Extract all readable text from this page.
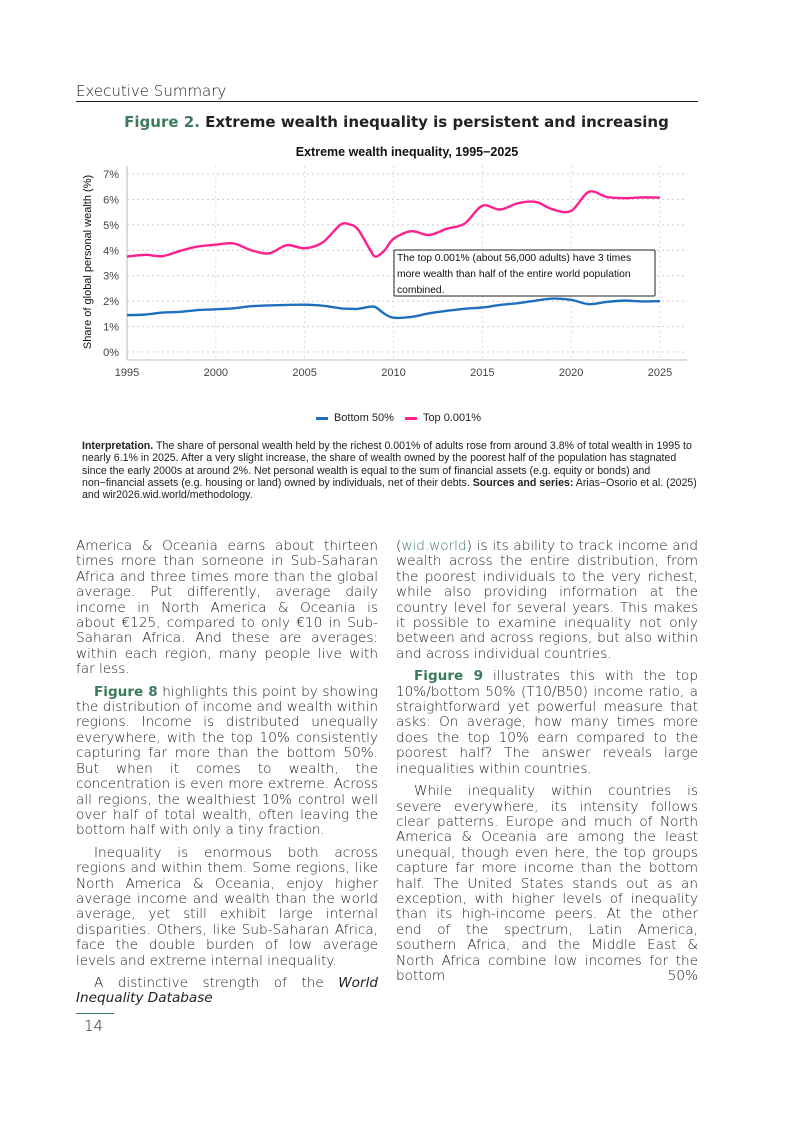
Executive Summary
Figure 2. Extreme wealth inequality is persistent and increasing
Extreme wealth inequality, 1995−2025
Share of global personal wealth (%)
0%
1%
2%
3%
4%
5%
6%
7%
1995	2000	2005	2010	2015	2020	2025
The top 0.001% (about 56,000 adults) have 3 times more wealth than half of the entire world population combined.
Bottom 50%	Top 0.001%
Interpretation. The share of personal wealth held by the richest 0.001% of adults rose from around 3.8% of total wealth in 1995 to nearly 6.1% in 2025. After a very slight increase, the share of wealth owned by the poorest half of the population has stagnated since the early 2000s at around 2%. Net personal wealth is equal to the sum of financial assets (e.g. equity or bonds) and non−financial assets (e.g. housing or land) owned by individuals, net of their debts. Sources and series: Arias−Osorio et al. (2025) and wir2026.wid.world/methodology.

America & Oceania earns about thirteen times more than someone in Sub-Saharan Africa and three times more than the global average. Put differently, average daily income in North America & Oceania is about €125, compared to only €10 in Sub-Saharan Africa. And these are averages: within each region, many people live with far less.

Figure 8 highlights this point by showing the distribution of income and wealth within regions. Income is distributed unequally everywhere, with the top 10% consistently capturing far more than the bottom 50%. But when it comes to wealth, the concentration is even more extreme. Across all regions, the wealthiest 10% control well over half of total wealth, often leaving the bottom half with only a tiny fraction.

Inequality is enormous both across regions and within them. Some regions, like North America & Oceania, enjoy higher average income and wealth than the world average, yet still exhibit large internal disparities. Others, like Sub-Saharan Africa, face the double burden of low average levels and extreme internal inequality.

A distinctive strength of the World Inequality Database

(wid.world) is its ability to track income and wealth across the entire distribution, from the poorest individuals to the very richest, while also providing information at the country level for several years. This makes it possible to examine inequality not only between and across regions, but also within and across individual countries.

Figure 9 illustrates this with the top 10%/bottom 50% (T10/B50) income ratio, a straightforward yet powerful measure that asks: On average, how many times more does the top 10% earn compared to the poorest half? The answer reveals large inequalities within countries.

While inequality within countries is severe everywhere, its intensity follows clear patterns. Europe and much of North America & Oceania are among the least unequal, though even here, the top groups capture far more income than the bottom half. The United States stands out as an exception, with higher levels of inequality than its high-income peers. At the other end of the spectrum, Latin America, southern Africa, and the Middle East & North Africa combine low incomes for the bottom 50%

14
